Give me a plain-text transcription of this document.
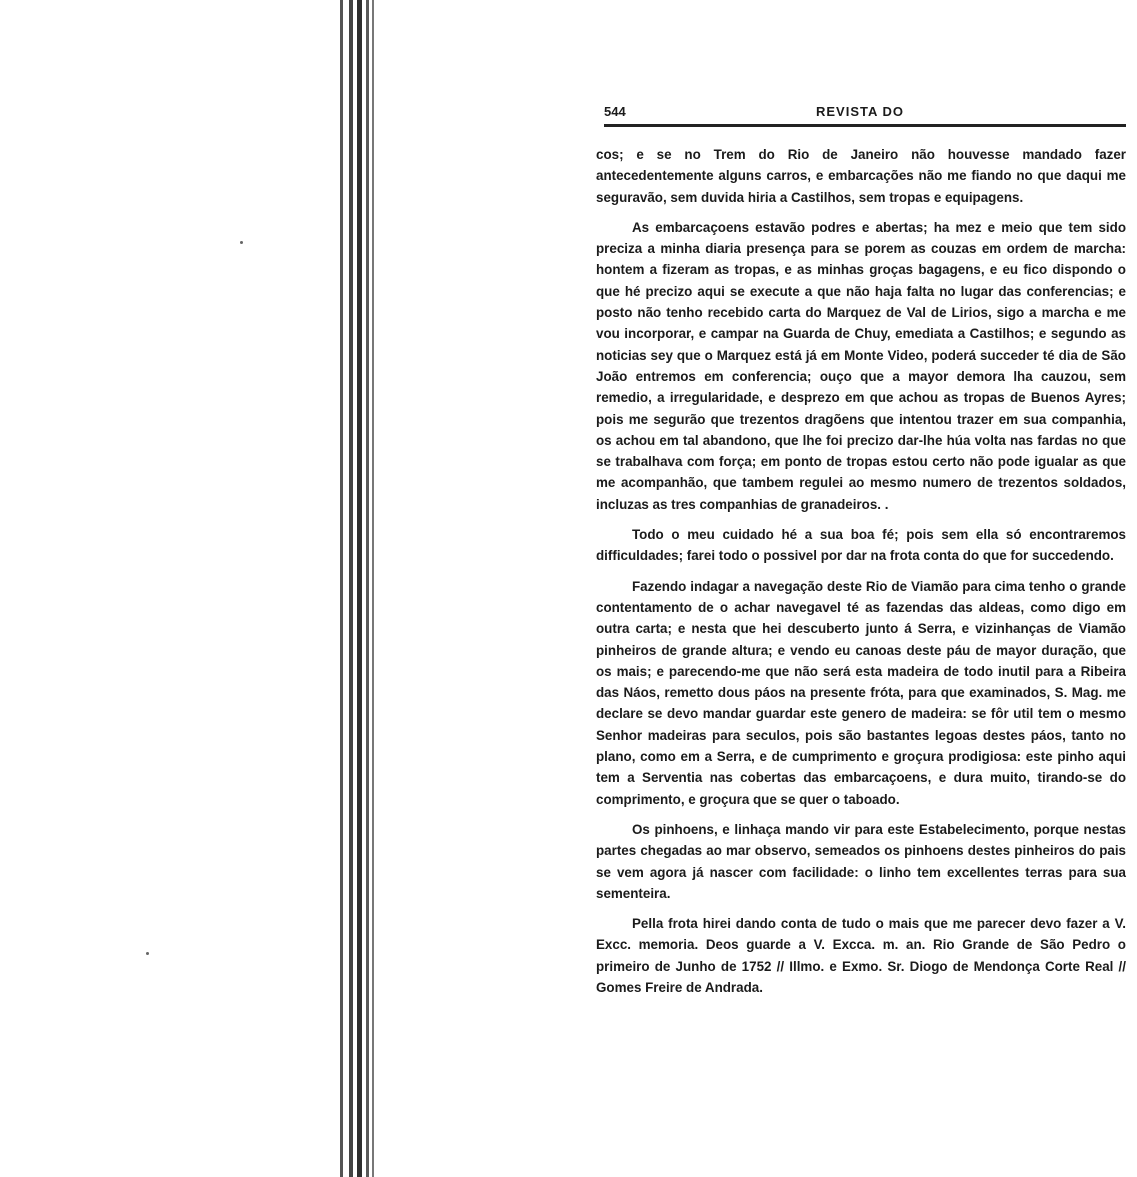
544	REVISTA DO

cos; e se no Trem do Rio de Janeiro não houvesse mandado fazer antecedentemente alguns carros, e embarcações não me fiando no que daqui me seguravão, sem duvida hiria a Castilhos, sem tropas e equipagens.

As embarcaçoens estavão podres e abertas; ha mez e meio que tem sido preciza a minha diaria presença para se porem as couzas em ordem de marcha: hontem a fizeram as tropas, e as minhas groças bagagens, e eu fico dispondo o que hé precizo aqui se execute a que não haja falta no lugar das conferencias; e posto não tenho recebido carta do Marquez de Val de Lirios, sigo a marcha e me vou incorporar, e campar na Guarda de Chuy, emediata a Castilhos; e segundo as noticias sey que o Marquez está já em Monte Video, poderá succeder té dia de São João entremos em conferencia; ouço que a mayor demora lha cauzou, sem remedio, a irregularidade, e desprezo em que achou as tropas de Buenos Ayres; pois me segurão que trezentos dragõens que intentou trazer em sua companhia, os achou em tal abandono, que lhe foi precizo dar-lhe húa volta nas fardas no que se trabalhava com força; em ponto de tropas estou certo não pode igualar as que me acompanhão, que tambem regulei ao mesmo numero de trezentos soldados, incluzas as tres companhias de granadeiros. .

Todo o meu cuidado hé a sua boa fé; pois sem ella só encontraremos difficuldades; farei todo o possivel por dar na frota conta do que for succedendo.

Fazendo indagar a navegação deste Rio de Viamão para cima tenho o grande contentamento de o achar navegavel té as fazendas das aldeas, como digo em outra carta; e nesta que hei descuberto junto á Serra, e vizinhanças de Viamão pinheiros de grande altura; e vendo eu canoas deste páu de mayor duração, que os mais; e parecendo-me que não será esta madeira de todo inutil para a Ribeira das Náos, remetto dous páos na presente fróta, para que examinados, S. Mag. me declare se devo mandar guardar este genero de madeira: se fôr util tem o mesmo Senhor madeiras para seculos, pois são bastantes legoas destes páos, tanto no plano, como em a Serra, e de cumprimento e groçura prodigiosa: este pinho aqui tem a Serventia nas cobertas das embarcaçoens, e dura muito, tirando-se do comprimento, e groçura que se quer o taboado.

Os pinhoens, e linhaça mando vir para este Estabelecimento, porque nestas partes chegadas ao mar observo, semeados os pinhoens destes pinheiros do pais se vem agora já nascer com facilidade: o linho tem excellentes terras para sua sementeira.

Pella frota hirei dando conta de tudo o mais que me parecer devo fazer a V. Excc. memoria. Deos guarde a V. Excca. m. an. Rio Grande de São Pedro o primeiro de Junho de 1752 // Illmo. e Exmo. Sr. Diogo de Mendonça Corte Real // Gomes Freire de Andrada.
